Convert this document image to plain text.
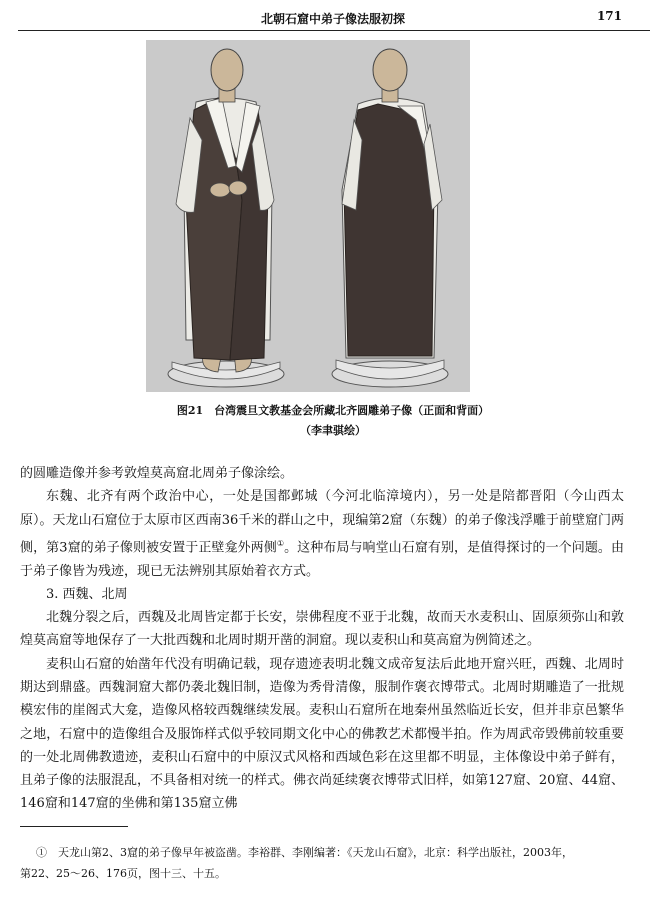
北朝石窟中弟子像法服初探	171
图21　台湾震旦文教基金会所藏北齐圆雕弟子像（正面和背面）
（李聿骐绘）

的圆雕造像并参考敦煌莫高窟北周弟子像涂绘。

东魏、北齐有两个政治中心，一处是国都邺城（今河北临漳境内），另一处是陪都晋阳（今山西太原）。天龙山石窟位于太原市区西南36千米的群山之中，现编第2窟（东魏）的弟子像浅浮雕于前壁窟门两侧，第3窟的弟子像则被安置于正壁龛外两侧①。这种布局与响堂山石窟有别，是值得探讨的一个问题。由于弟子像皆为残迹，现已无法辨别其原始着衣方式。

3. 西魏、北周

北魏分裂之后，西魏及北周皆定都于长安，崇佛程度不亚于北魏，故而天水麦积山、固原须弥山和敦煌莫高窟等地保存了一大批西魏和北周时期开凿的洞窟。现以麦积山和莫高窟为例简述之。

麦积山石窟的始凿年代没有明确记载，现存遗迹表明北魏文成帝复法后此地开窟兴旺，西魏、北周时期达到鼎盛。西魏洞窟大都仍袭北魏旧制，造像为秀骨清像，服制作褒衣博带式。北周时期雕造了一批规模宏伟的崖阁式大龛，造像风格较西魏继续发展。麦积山石窟所在地秦州虽然临近长安，但并非京邑繁华之地，石窟中的造像组合及服饰样式似乎较同期文化中心的佛教艺术都慢半拍。作为周武帝毁佛前较重要的一处北周佛教遗迹，麦积山石窟中的中原汉式风格和西域色彩在这里都不明显，主体像设中弟子鲜有，且弟子像的法服混乱，不具备相对统一的样式。佛衣尚延续褒衣博带式旧样，如第127窟、20窟、44窟、146窟和147窟的坐佛和第135窟立佛

①　 天龙山第2、3窟的弟子像早年被盗凿。李裕群、李刚编著：《天龙山石窟》，北京：科学出版社，2003年，

第22、25～26、176页，图十三、十五。
